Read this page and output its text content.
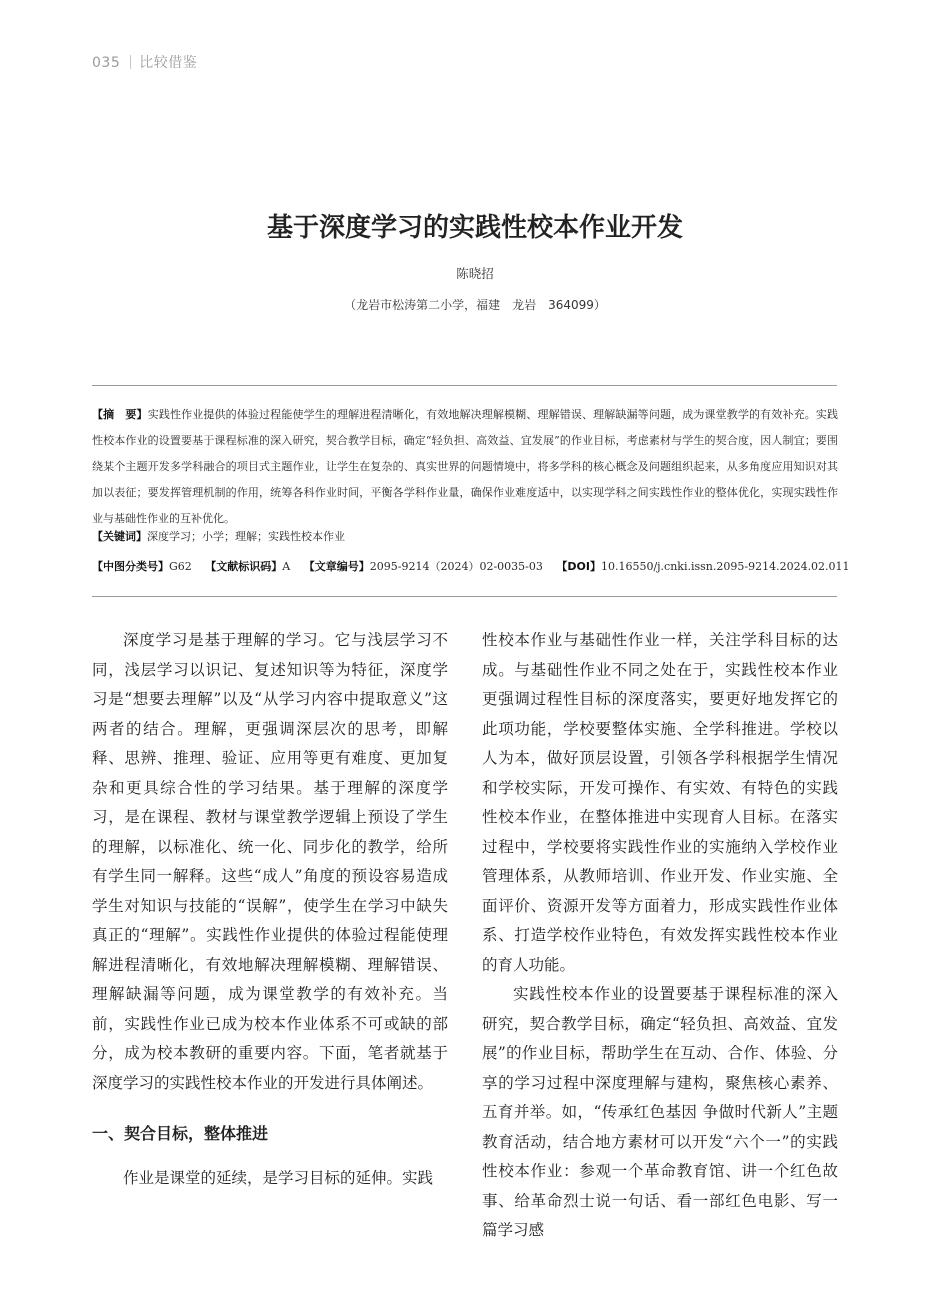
035 比较借鉴
基于深度学习的实践性校本作业开发
陈晓招
（龙岩市松涛第二小学，福建　龙岩　364099）
【摘　要】实践性作业提供的体验过程能使学生的理解进程清晰化，有效地解决理解模糊、理解错误、理解缺漏等问题，成为课堂教学的有效补充。实践性校本作业的设置要基于课程标准的深入研究，契合教学目标，确定“轻负担、高效益、宜发展”的作业目标，考虑素材与学生的契合度，因人制宜；要围绕某个主题开发多学科融合的项目式主题作业，让学生在复杂的、真实世界的问题情境中，将多学科的核心概念及问题组织起来，从多角度应用知识对其加以表征；要发挥管理机制的作用，统筹各科作业时间，平衡各学科作业量，确保作业难度适中，以实现学科之间实践性作业的整体优化，实现实践性作业与基础性作业的互补优化。
【关键词】深度学习；小学；理解；实践性校本作业
【中图分类号】G62 【文献标识码】A 【文章编号】2095-9214（2024）02-0035-03 【DOI】10.16550/j.cnki.issn.2095-9214.2024.02.011

深度学习是基于理解的学习。它与浅层学习不同，浅层学习以识记、复述知识等为特征，深度学习是“想要去理解”以及“从学习内容中提取意义”这两者的结合。理解，更强调深层次的思考，即解释、思辨、推理、验证、应用等更有难度、更加复杂和更具综合性的学习结果。基于理解的深度学习，是在课程、教材与课堂教学逻辑上预设了学生的理解，以标准化、统一化、同步化的教学，给所有学生同一解释。这些“成人”角度的预设容易造成学生对知识与技能的“误解”，使学生在学习中缺失真正的“理解”。实践性作业提供的体验过程能使理解进程清晰化，有效地解决理解模糊、理解错误、理解缺漏等问题，成为课堂教学的有效补充。当前，实践性作业已成为校本作业体系不可或缺的部分，成为校本教研的重要内容。下面，笔者就基于深度学习的实践性校本作业的开发进行具体阐述。

一、契合目标，整体推进

作业是课堂的延续，是学习目标的延伸。实践

性校本作业与基础性作业一样，关注学科目标的达成。与基础性作业不同之处在于，实践性校本作业更强调过程性目标的深度落实，要更好地发挥它的此项功能，学校要整体实施、全学科推进。学校以人为本，做好顶层设置，引领各学科根据学生情况和学校实际，开发可操作、有实效、有特色的实践性校本作业，在整体推进中实现育人目标。在落实过程中，学校要将实践性作业的实施纳入学校作业管理体系，从教师培训、作业开发、作业实施、全面评价、资源开发等方面着力，形成实践性作业体系、打造学校作业特色，有效发挥实践性校本作业的育人功能。

实践性校本作业的设置要基于课程标准的深入研究，契合教学目标，确定“轻负担、高效益、宜发展”的作业目标，帮助学生在互动、合作、体验、分享的学习过程中深度理解与建构，聚焦核心素养、五育并举。如，“传承红色基因 争做时代新人”主题教育活动，结合地方素材可以开发“六个一”的实践性校本作业：参观一个革命教育馆、讲一个红色故事、给革命烈士说一句话、看一部红色电影、写一篇学习感
